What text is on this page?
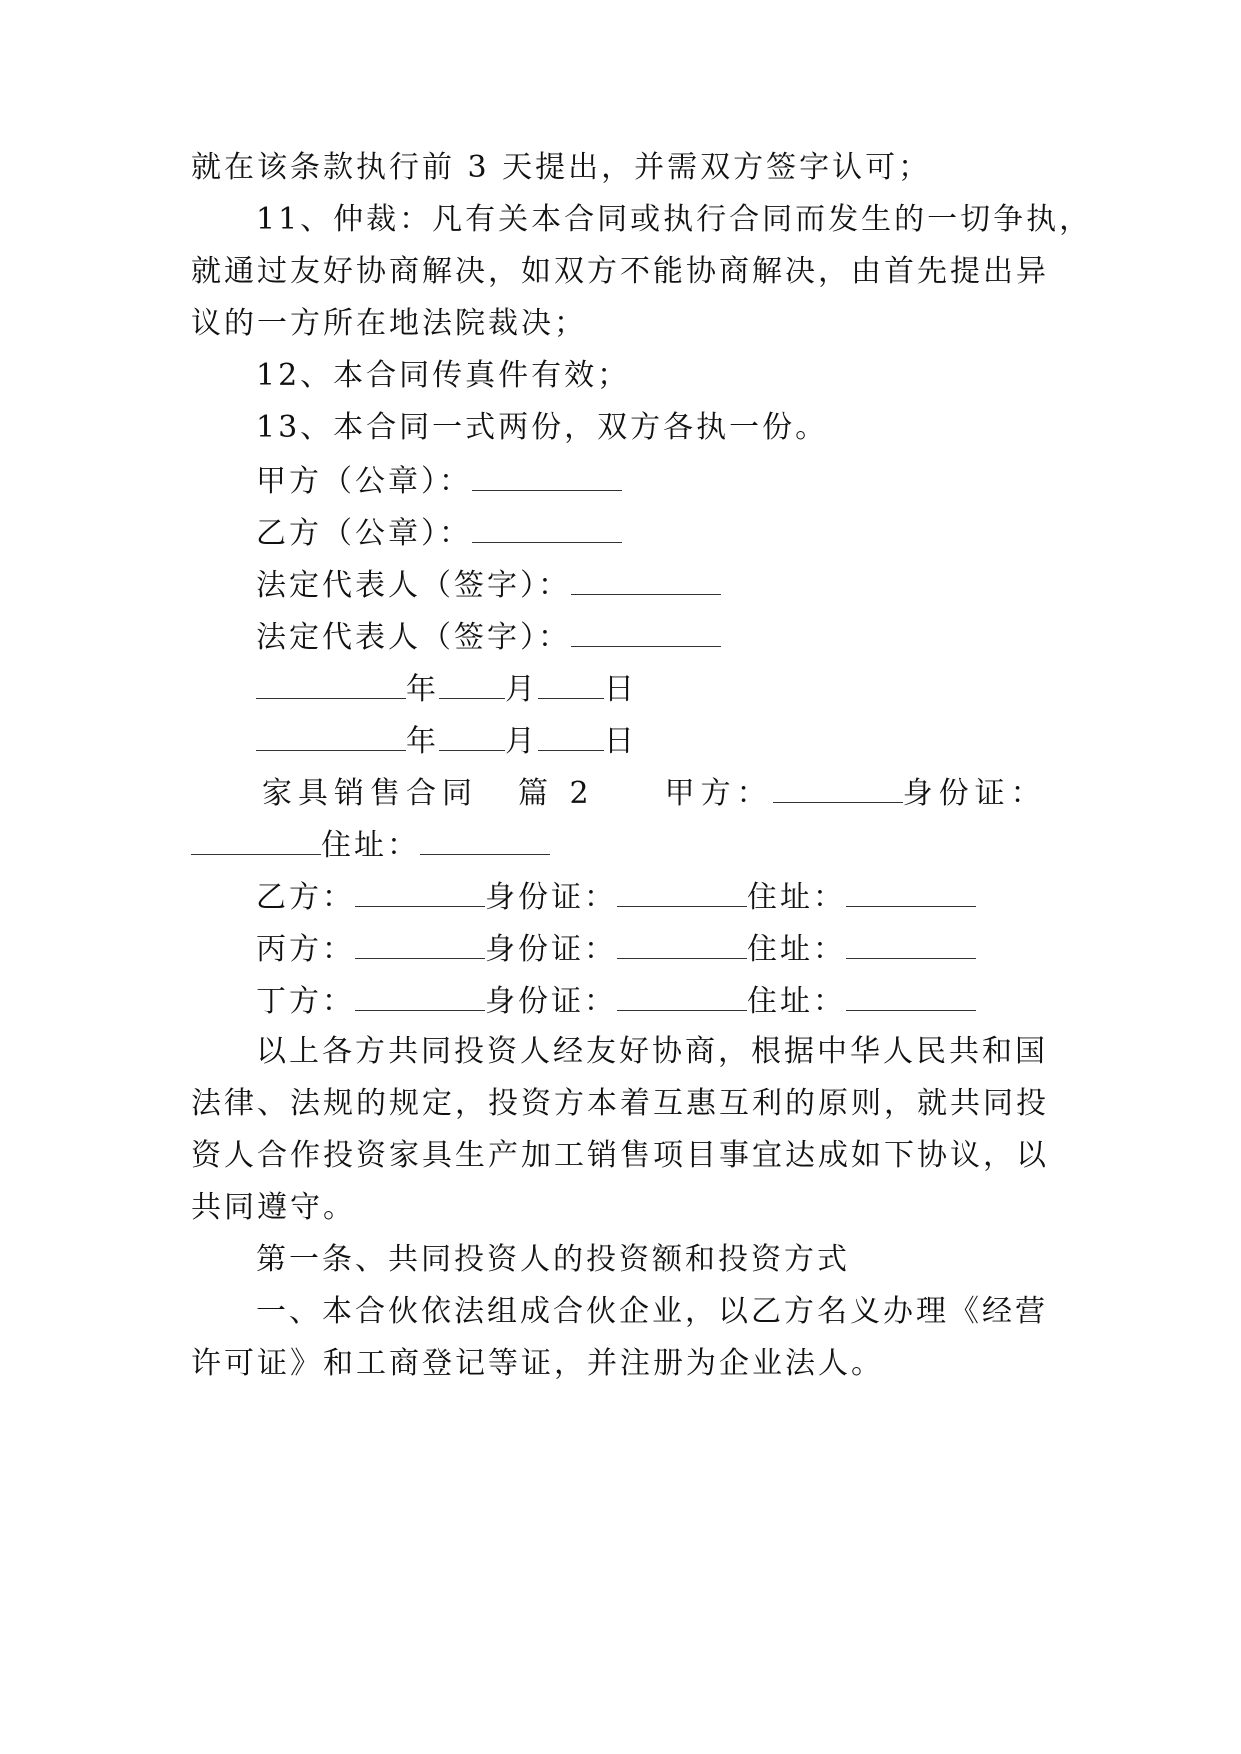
就在该条款执行前 3 天提出，并需双方签字认可；
11、仲裁：凡有关本合同或执行合同而发生的一切争执，
就通过友好协商解决，如双方不能协商解决，由首先提出异
议的一方所在地法院裁决；
12、本合同传真件有效；
13、本合同一式两份，双方各执一份。
甲方（公章）：
乙方（公章）：
法定代表人（签字）：
法定代表人（签字）：
年 月 日
年 月 日
家具销售合同 篇 2 甲方：	身份证：
住址：
乙方：	身份证：	住址：
丙方：	身份证：	住址：
丁方：	身份证：	住址：
以上各方共同投资人经友好协商，根据中华人民共和国
法律、法规的规定，投资方本着互惠互利的原则，就共同投
资人合作投资家具生产加工销售项目事宜达成如下协议，以
共同遵守。
第一条、共同投资人的投资额和投资方式
一、本合伙依法组成合伙企业，以乙方名义办理《经营
许可证》和工商登记等证，并注册为企业法人。
